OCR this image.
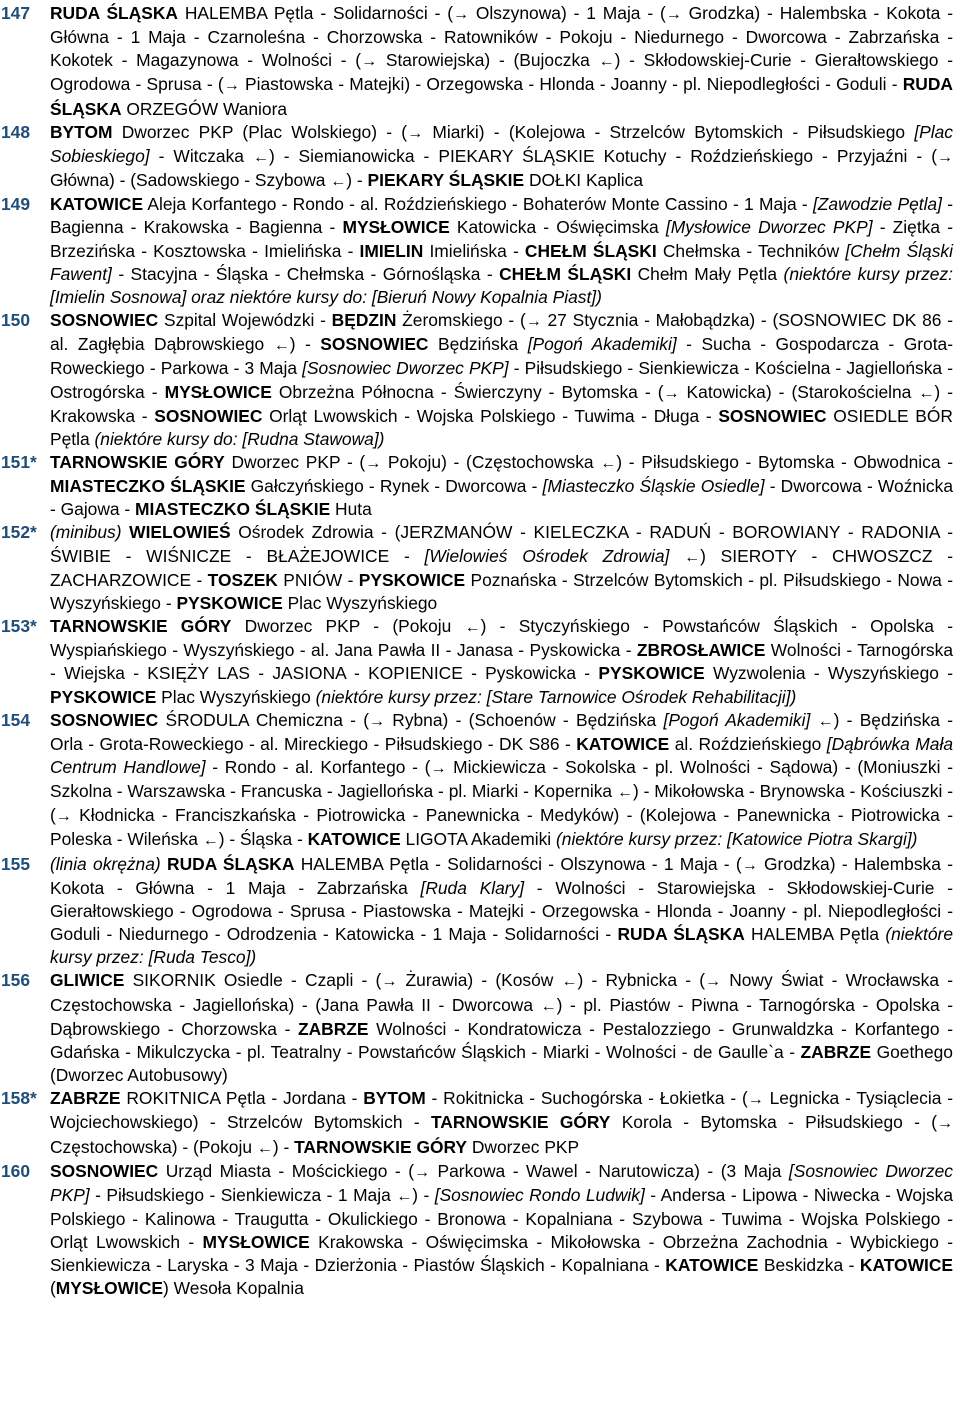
147	RUDA ŚLĄSKA HALEMBA Pętla - Solidarności - (→ Olszynowa) - 1 Maja - (→ Grodzka) - Halembska - Kokota - Główna - 1 Maja - Czarnoleśna - Chorzowska - Ratowników - Pokoju - Niedurnego - Dworcowa - Zabrzańska - Kokotek - Magazynowa - Wolności - (→ Starowiejska) - (Bujoczka ←) - Skłodowskiej-Curie - Gierałtowskiego - Ogrodowa - Sprusa - (→ Piastowska - Matejki) - Orzegowska - Hlonda - Joanny - pl. Niepodległości - Goduli - RUDA ŚLĄSKA ORZEGÓW Waniora
148	BYTOM Dworzec PKP (Plac Wolskiego) - (→ Miarki) - (Kolejowa - Strzelców Bytomskich - Piłsudskiego [Plac Sobieskiego] - Witczaka ←) - Siemianowicka - PIEKARY ŚLĄSKIE Kotuchy - Roździeńskiego - Przyjaźni - (→ Główna) - (Sadowskiego - Szybowa ←) - PIEKARY ŚLĄSKIE DOŁKI Kaplica
149	KATOWICE Aleja Korfantego - Rondo - al. Roździeńskiego - Bohaterów Monte Cassino - 1 Maja - [Zawodzie Pętla] - Bagienna - Krakowska - Bagienna - MYSŁOWICE Katowicka - Oświęcimska [Mysłowice Dworzec PKP] - Ziętka - Brzezińska - Kosztowska - Imielińska - IMIELIN Imielińska - CHEŁM ŚLĄSKI Chełmska - Techników [Chełm Śląski Fawent] - Stacyjna - Śląska - Chełmska - Górnośląska - CHEŁM ŚLĄSKI Chełm Mały Pętla (niektóre kursy przez: [Imielin Sosnowa] oraz niektóre kursy do: [Bieruń Nowy Kopalnia Piast])
150	SOSNOWIEC Szpital Wojewódzki - BĘDZIN Żeromskiego - (→ 27 Stycznia - Małobądzka) - (SOSNOWIEC DK 86 - al. Zagłębia Dąbrowskiego ←) - SOSNOWIEC Będzińska [Pogoń Akademiki] - Sucha - Gospodarcza - Grota-Roweckiego - Parkowa - 3 Maja [Sosnowiec Dworzec PKP] - Piłsudskiego - Sienkiewicza - Kościelna - Jagiellońska - Ostrogórska - MYSŁOWICE Obrzeżna Północna - Świerczyny - Bytomska - (→ Katowicka) - (Starokościelna ←) - Krakowska - SOSNOWIEC Orląt Lwowskich - Wojska Polskiego - Tuwima - Długa - SOSNOWIEC OSIEDLE BÓR Pętla (niektóre kursy do: [Rudna Stawowa])
151* TARNOWSKIE GÓRY Dworzec PKP - (→ Pokoju) - (Częstochowska ←) - Piłsudskiego - Bytomska - Obwodnica - MIASTECZKO ŚLĄSKIE Gałczyńskiego - Rynek - Dworcowa - [Miasteczko Śląskie Osiedle] - Dworcowa - Woźnicka - Gajowa - MIASTECZKO ŚLĄSKIE Huta
152* (minibus) WIELOWIEŚ Ośrodek Zdrowia - (JERZMANÓW - KIELECZKA - RADUŃ - BOROWIANY - RADONIA - ŚWIBIE - WIŚNICZE - BŁAŻEJOWICE - [Wielowieś Ośrodek Zdrowia] ←) SIEROTY - CHWOSZCZ - ZACHARZOWICE - TOSZEK PNIÓW - PYSKOWICE Poznańska - Strzelców Bytomskich - pl. Piłsudskiego - Nowa - Wyszyńskiego - PYSKOWICE Plac Wyszyńskiego
153* TARNOWSKIE GÓRY Dworzec PKP - (Pokoju ←) - Styczyńskiego - Powstańców Śląskich - Opolska - Wyspiańskiego - Wyszyńskiego - al. Jana Pawła II - Janasa - Pyskowicka - ZBROSŁAWICE Wolności - Tarnogórska - Wiejska - KSIĘŻY LAS - JASIONA - KOPIENICE - Pyskowicka - PYSKOWICE Wyzwolenia - Wyszyńskiego - PYSKOWICE Plac Wyszyńskiego (niektóre kursy przez: [Stare Tarnowice Ośrodek Rehabilitacji])
154	SOSNOWIEC ŚRODULA Chemiczna - (→ Rybna) - (Schoenów - Będzińska [Pogoń Akademiki] ←) - Będzińska - Orla - Grota-Roweckiego - al. Mireckiego - Piłsudskiego - DK S86 - KATOWICE al. Roździeńskiego [Dąbrówka Mała Centrum Handlowe] - Rondo - al. Korfantego - (→ Mickiewicza - Sokolska - pl. Wolności - Sądowa) - (Moniuszki - Szkolna - Warszawska - Francuska - Jagiellońska - pl. Miarki - Kopernika ←) - Mikołowska - Brynowska - Kościuszki - (→ Kłodnicka - Franciszkańska - Piotrowicka - Panewnicka - Medyków) - (Kolejowa - Panewnicka - Piotrowicka - Poleska - Wileńska ←) - Śląska - KATOWICE LIGOTA Akademiki (niektóre kursy przez: [Katowice Piotra Skargi])
155	(linia okrężna) RUDA ŚLĄSKA HALEMBA Pętla - Solidarności - Olszynowa - 1 Maja - (→ Grodzka) - Halembska - Kokota - Główna - 1 Maja - Zabrzańska [Ruda Klary] - Wolności - Starowiejska - Skłodowskiej-Curie - Gierałtowskiego - Ogrodowa - Sprusa - Piastowska - Matejki - Orzegowska - Hlonda - Joanny - pl. Niepodległości - Goduli - Niedurnego - Odrodzenia - Katowicka - 1 Maja - Solidarności - RUDA ŚLĄSKA HALEMBA Pętla (niektóre kursy przez: [Ruda Tesco])
156	GLIWICE SIKORNIK Osiedle - Czapli - (→ Żurawia) - (Kosów ←) - Rybnicka - (→ Nowy Świat - Wrocławska - Częstochowska - Jagiellońska) - (Jana Pawła II - Dworcowa ←) - pl. Piastów - Piwna - Tarnogórska - Opolska - Dąbrowskiego - Chorzowska - ZABRZE Wolności - Kondratowicza - Pestalozziego - Grunwaldzka - Korfantego - Gdańska - Mikulczycka - pl. Teatralny - Powstańców Śląskich - Miarki - Wolności - de Gaulle`a - ZABRZE Goethego (Dworzec Autobusowy)
158* ZABRZE ROKITNICA Pętla - Jordana - BYTOM - Rokitnicka - Suchogórska - Łokietka - (→ Legnicka - Tysiąclecia - Wojciechowskiego) - Strzelców Bytomskich - TARNOWSKIE GÓRY Korola - Bytomska - Piłsudskiego - (→ Częstochowska) - (Pokoju ←) - TARNOWSKIE GÓRY Dworzec PKP
160	SOSNOWIEC Urząd Miasta - Mościckiego - (→ Parkowa - Wawel - Narutowicza) - (3 Maja [Sosnowiec Dworzec PKP] - Piłsudskiego - Sienkiewicza - 1 Maja ←) - [Sosnowiec Rondo Ludwik] - Andersa - Lipowa - Niwecka - Wojska Polskiego - Kalinowa - Traugutta - Okulickiego - Bronowa - Kopalniana - Szybowa - Tuwima - Wojska Polskiego - Orląt Lwowskich - MYSŁOWICE Krakowska - Oświęcimska - Mikołowska - Obrzeżna Zachodnia - Wybickiego - Sienkiewicza - Laryska - 3 Maja - Dzierżonia - Piastów Śląskich - Kopalniana - KATOWICE Beskidzka - KATOWICE (MYSŁOWICE) Wesoła Kopalnia
